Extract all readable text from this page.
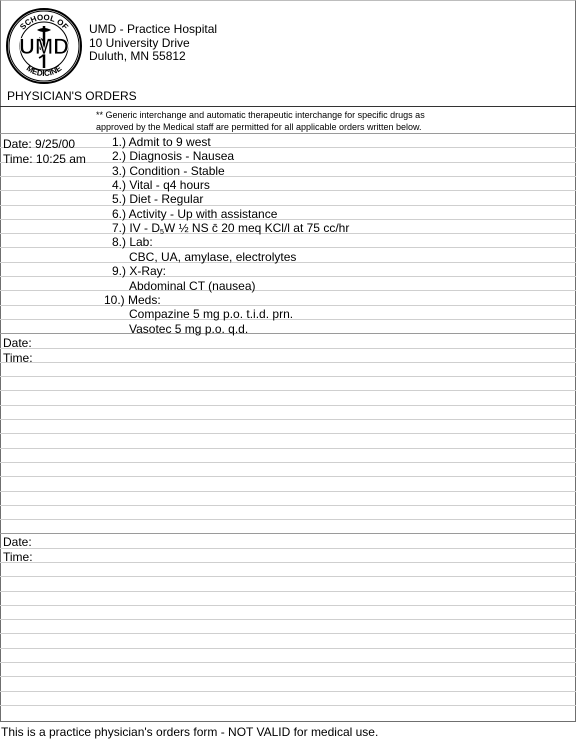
SCHOOL OF
MEDICINE
UMD
UMD - Practice Hospital
10 University Drive
Duluth, MN 55812
PHYSICIAN'S ORDERS
** Generic interchange and automatic therapeutic interchange for specific drugs as
approved by the Medical staff are permitted for all applicable orders written below.
Date: 9/25/00
Time: 10:25 am
1.) Admit to 9 west
2.) Diagnosis - Nausea
3.) Condition - Stable
4.) Vital - q4 hours
5.) Diet - Regular
6.) Activity - Up with assistance
7.) IV - $D_5W$ ½ NS c̄ 20 meq KCl/l at 75 cc/hr
8.) Lab:
CBC, UA, amylase, electrolytes
9.) X-Ray:
Abdominal CT (nausea)
10.) Meds:
Compazine 5 mg p.o. t.i.d. prn.
Vasotec 5 mg p.o. q.d.
Date:
Time:
Date:
Time:
This is a practice physician's orders form - NOT VALID for medical use.
